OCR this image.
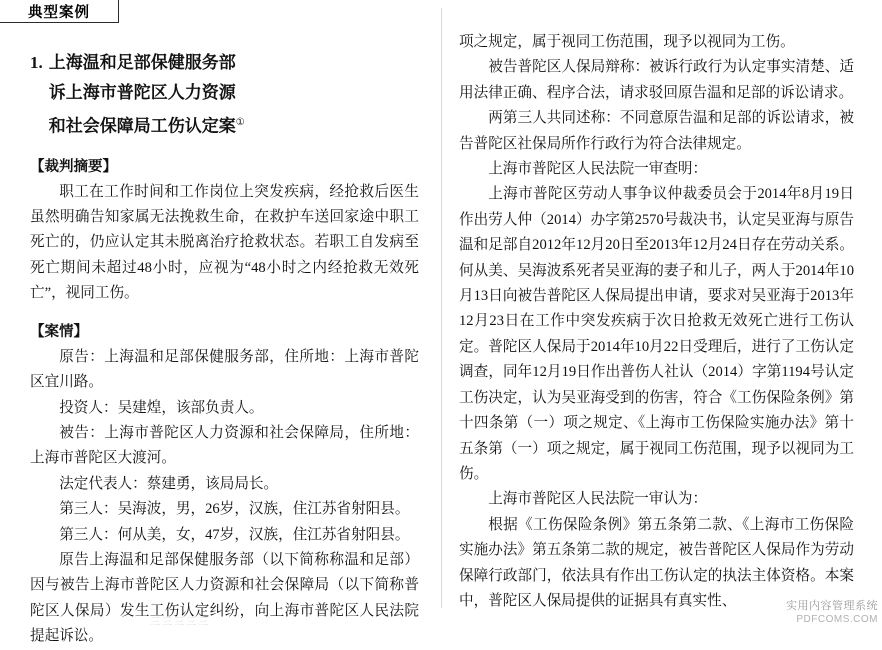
典型案例
1. 上海温和足部保健服务部
诉上海市普陀区人力资源
和社会保障局工伤认定案①
【裁判摘要】

职工在工作时间和工作岗位上突发疾病，经抢救后医生虽然明确告知家属无法挽救生命，在救护车送回家途中职工死亡的，仍应认定其未脱离治疗抢救状态。若职工自发病至死亡期间未超过48小时，应视为“48小时之内经抢救无效死亡”，视同工伤。

【案情】

原告：上海温和足部保健服务部，住所地：上海市普陀区宜川路。

投资人：吴建煌，该部负责人。

被告：上海市普陀区人力资源和社会保障局，住所地：上海市普陀区大渡河。

法定代表人：蔡建勇，该局局长。

第三人：吴海波，男，26岁，汉族，住江苏省射阳县。

第三人：何从美，女，47岁，汉族，住江苏省射阳县。

原告上海温和足部保健服务部（以下简称称温和足部）因与被告上海市普陀区人力资源和社会保障局（以下简称普陀区人保局）发生工伤认定纠纷，向上海市普陀区人民法院提起诉讼。

三三三三三

项之规定，属于视同工伤范围，现予以视同为工伤。

被告普陀区人保局辩称：被诉行政行为认定事实清楚、适用法律正确、程序合法，请求驳回原告温和足部的诉讼请求。

两第三人共同述称：不同意原告温和足部的诉讼请求，被告普陀区社保局所作行政行为符合法律规定。

上海市普陀区人民法院一审查明：

上海市普陀区劳动人事争议仲裁委员会于2014年8月19日作出劳人仲（2014）办字第2570号裁决书，认定吴亚海与原告温和足部自2012年12月20日至2013年12月24日存在劳动关系。何从美、吴海波系死者吴亚海的妻子和儿子，两人于2014年10月13日向被告普陀区人保局提出申请，要求对吴亚海于2013年12月23日在工作中突发疾病于次日抢救无效死亡进行工伤认定。普陀区人保局于2014年10月22日受理后，进行了工伤认定调查，同年12月19日作出普伤人社认（2014）字第1194号认定工伤决定，认为吴亚海受到的伤害，符合《工伤保险条例》第十四条第（一）项之规定、《上海市工伤保险实施办法》第十五条第（一）项之规定，属于视同工伤范围，现予以视同为工伤。

上海市普陀区人民法院一审认为：

根据《工伤保险条例》第五条第二款、《上海市工伤保险实施办法》第五条第二款的规定，被告普陀区人保局作为劳动保障行政部门，依法具有作出工伤认定的执法主体资格。本案中，普陀区人保局提供的证据具有真实性、	实用内容管理系统
PDFCOMS.COM
